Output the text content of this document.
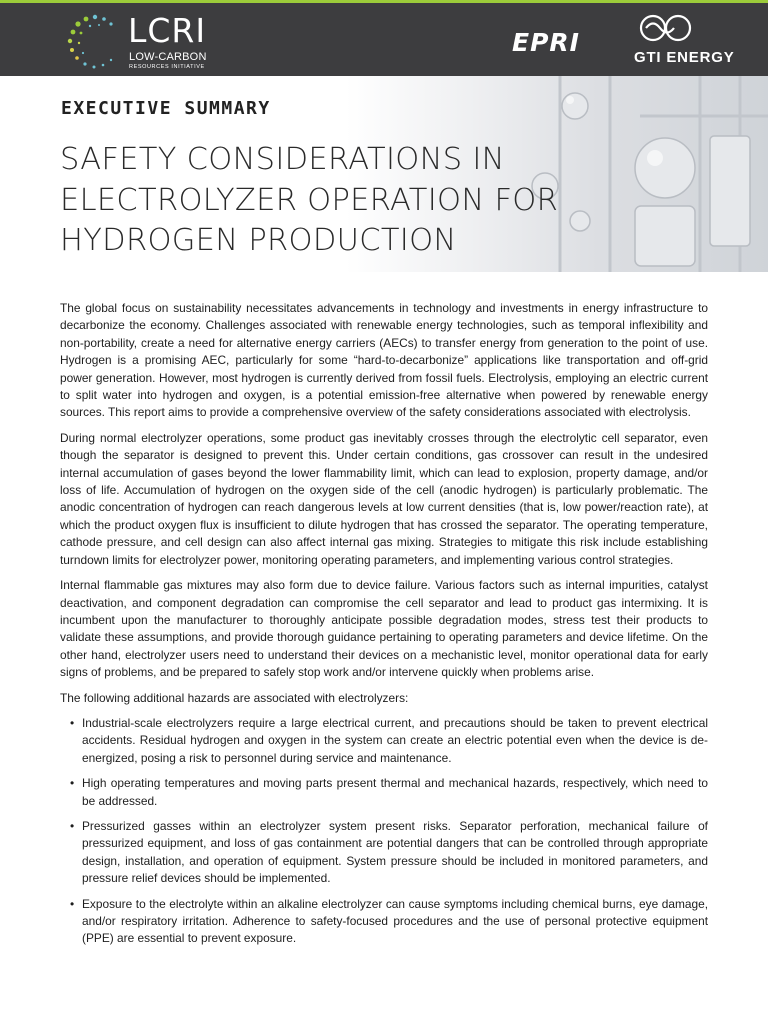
LCRI
LOW-CARBON
RESOURCES INITIATIVE
EPRI
GTI ENERGY
EXECUTIVE SUMMARY
SAFETY CONSIDERATIONS IN
ELECTROLYZER OPERATION FOR
HYDROGEN PRODUCTION

The global focus on sustainability necessitates advancements in technology and investments in energy infrastructure to decarbonize the economy. Challenges associated with renewable energy technologies, such as temporal inflexibility and non-portability, create a need for alternative energy carriers (AECs) to transfer energy from generation to the point of use. Hydrogen is a promising AEC, particularly for some “hard-to-decarbonize” applications like transportation and off-grid power generation. However, most hydrogen is currently derived from fossil fuels. Electrolysis, employing an electric current to split water into hydrogen and oxygen, is a potential emission-free alternative when powered by renewable energy sources. This report aims to provide a comprehensive overview of the safety considerations associated with electrolysis.

During normal electrolyzer operations, some product gas inevitably crosses through the electrolytic cell separator, even though the separator is designed to prevent this. Under certain conditions, gas crossover can result in the undesired internal accumulation of gases beyond the lower flammability limit, which can lead to explosion, property damage, and/or loss of life. Accumulation of hydrogen on the oxygen side of the cell (anodic hydrogen) is particularly problematic. The anodic concentration of hydrogen can reach dangerous levels at low current densities (that is, low power/reaction rate), at which the product oxygen flux is insufficient to dilute hydrogen that has crossed the separator. The operating temperature, cathode pressure, and cell design can also affect internal gas mixing. Strategies to mitigate this risk include establishing turndown limits for electrolyzer power, monitoring operating parameters, and implementing various control strategies.

Internal flammable gas mixtures may also form due to device failure. Various factors such as internal impurities, catalyst deactivation, and component degradation can compromise the cell separator and lead to product gas intermixing. It is incumbent upon the manufacturer to thoroughly anticipate possible degradation modes, stress test their products to validate these assumptions, and provide thorough guidance pertaining to operating parameters and device lifetime. On the other hand, electrolyzer users need to understand their devices on a mechanistic level, monitor operational data for early signs of problems, and be prepared to safely stop work and/or intervene quickly when problems arise.

The following additional hazards are associated with electrolyzers:

• Industrial-scale electrolyzers require a large electrical current, and precautions should be taken to prevent electrical accidents. Residual hydrogen and oxygen in the system can create an electric potential even when the device is de-energized, posing a risk to personnel during service and maintenance.
• High operating temperatures and moving parts present thermal and mechanical hazards, respectively, which need to be addressed.
• Pressurized gasses within an electrolyzer system present risks. Separator perforation, mechanical failure of pressurized equipment, and loss of gas containment are potential dangers that can be controlled through appropriate design, installation, and operation of equipment. System pressure should be included in monitored parameters, and pressure relief devices should be implemented.
• Exposure to the electrolyte within an alkaline electrolyzer can cause symptoms including chemical burns, eye damage, and/or respiratory irritation. Adherence to safety-focused procedures and the use of personal protective equipment (PPE) are essential to prevent exposure.
